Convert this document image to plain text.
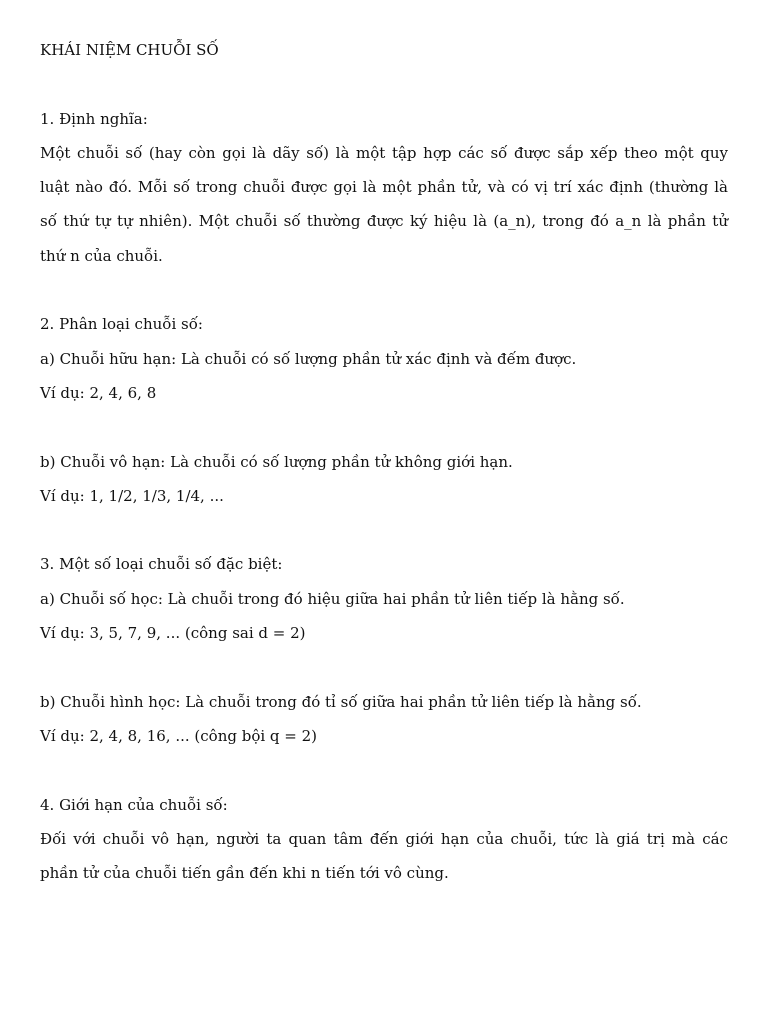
KHÁI NIỆM CHUỖI SỐ

1. Định nghĩa:

Một chuỗi số (hay còn gọi là dãy số) là một tập hợp các số được sắp xếp theo một quy

luật nào đó. Mỗi số trong chuỗi được gọi là một phần tử, và có vị trí xác định (thường là

số thứ tự tự nhiên). Một chuỗi số thường được ký hiệu là (a_n), trong đó a_n là phần tử

thứ n của chuỗi.

2. Phân loại chuỗi số:

a) Chuỗi hữu hạn: Là chuỗi có số lượng phần tử xác định và đếm được.

Ví dụ: 2, 4, 6, 8

b) Chuỗi vô hạn: Là chuỗi có số lượng phần tử không giới hạn.

Ví dụ: 1, 1/2, 1/3, 1/4, ...

3. Một số loại chuỗi số đặc biệt:

a) Chuỗi số học: Là chuỗi trong đó hiệu giữa hai phần tử liên tiếp là hằng số.

Ví dụ: 3, 5, 7, 9, ... (công sai d = 2)

b) Chuỗi hình học: Là chuỗi trong đó tỉ số giữa hai phần tử liên tiếp là hằng số.

Ví dụ: 2, 4, 8, 16, ... (công bội q = 2)

4. Giới hạn của chuỗi số:

Đối với chuỗi vô hạn, người ta quan tâm đến giới hạn của chuỗi, tức là giá trị mà các

phần tử của chuỗi tiến gần đến khi n tiến tới vô cùng.
